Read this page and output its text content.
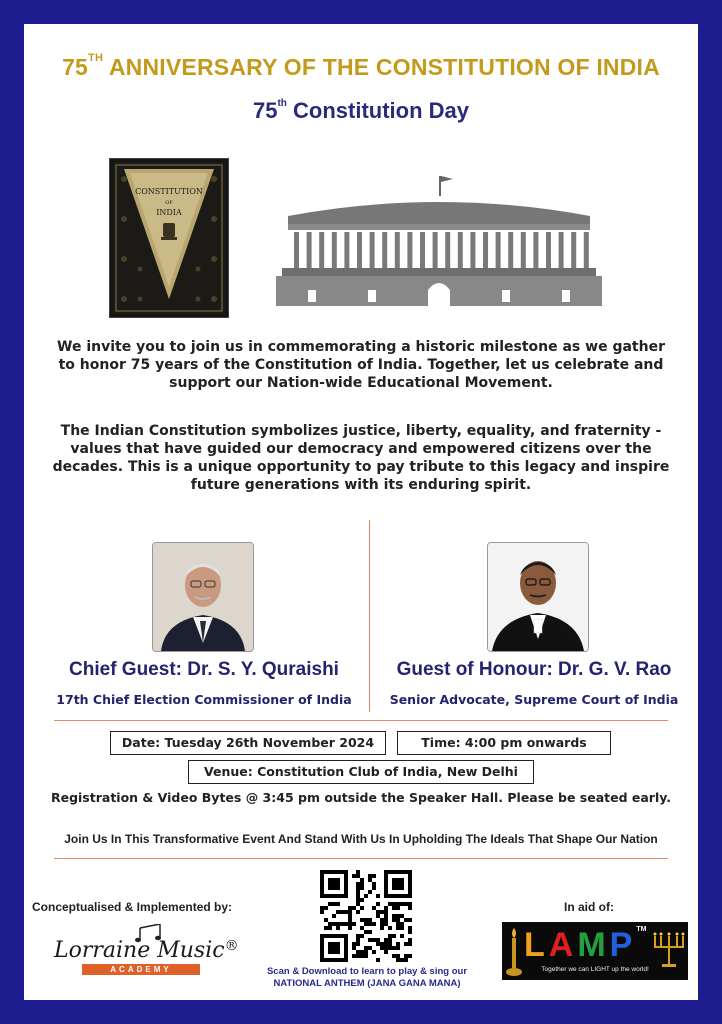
75TH ANNIVERSARY OF THE CONSTITUTION OF INDIA
75th Constitution Day
CONSTITUTION
OF
INDIA
We invite you to join us in commemorating a historic milestone as we gather to honor 75 years of the Constitution of India. Together, let us celebrate and support our Nation-wide Educational Movement.
The Indian Constitution symbolizes justice, liberty, equality, and fraternity - values that have guided our democracy and empowered citizens over the decades. This is a unique opportunity to pay tribute to this legacy and inspire future generations with its enduring spirit.
Chief Guest: Dr. S. Y. Quraishi	Guest of Honour: Dr. G. V. Rao
17th Chief Election Commissioner of India	Senior Advocate, Supreme Court of India
Date: Tuesday 26th November 2024	Time: 4:00 pm onwards
Venue: Constitution Club of India, New Delhi
Registration & Video Bytes @ 3:45 pm outside the Speaker Hall. Please be seated early.
Join Us In This Transformative Event And Stand With Us In Upholding The Ideals That Shape Our Nation
Conceptualised & Implemented by:	In aid of:
Scan & Download to learn to play & sing our
NATIONAL ANTHEM (JANA GANA MANA)
Lorraine Music®
ACADEMY
LAMP™
Together we can LIGHT up the world!
